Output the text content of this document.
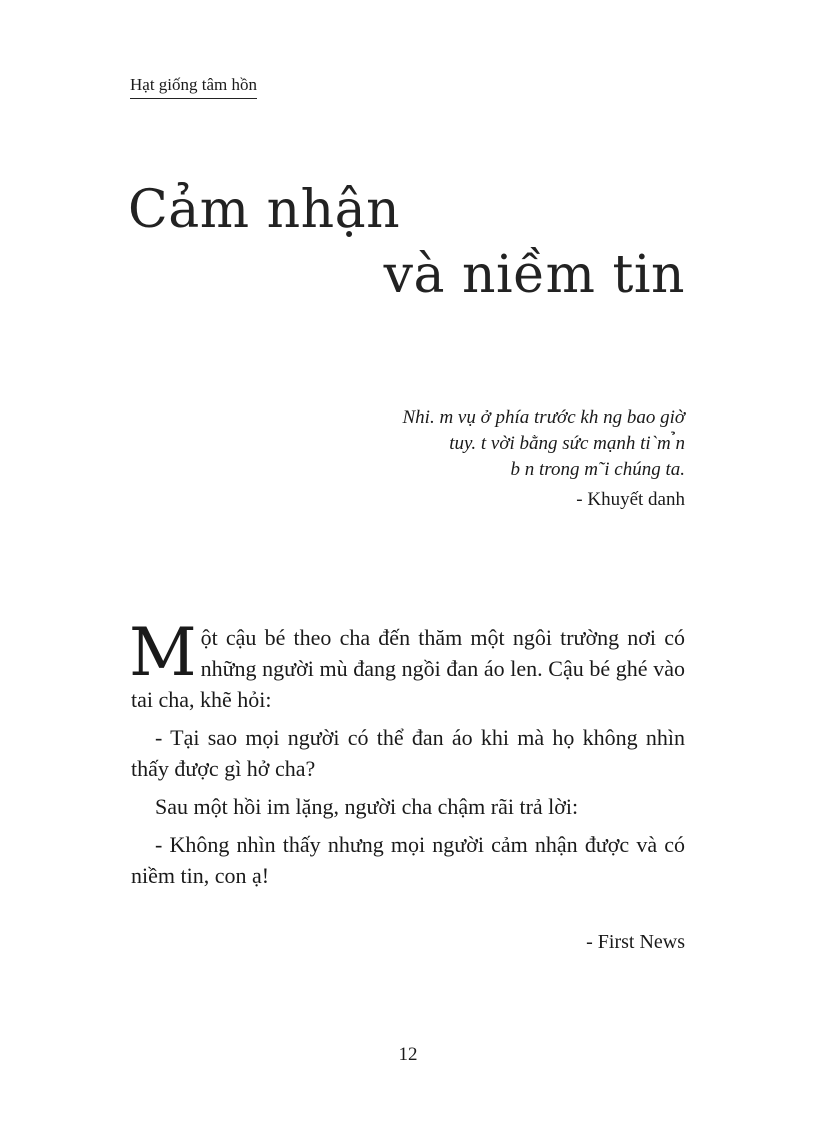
Hạt giống tâm hồn
Cảm nhận
và niềm tin
Nhi. m vụ ở phía trước kh ng bao giờ
tuy. t vời bằng sức mạnh ti`m ̉n
b n trong m˜i chúng ta.
- Khuyết danh

Một cậu bé theo cha đến thăm một ngôi trường nơi có những người mù đang ngồi đan áo len. Cậu bé ghé vào tai cha, khẽ hỏi:

- Tại sao mọi người có thể đan áo khi mà họ không nhìn thấy được gì hở cha?

Sau một hồi im lặng, người cha chậm rãi trả lời:

- Không nhìn thấy nhưng mọi người cảm nhận được và có niềm tin, con ạ!

- First News
12
